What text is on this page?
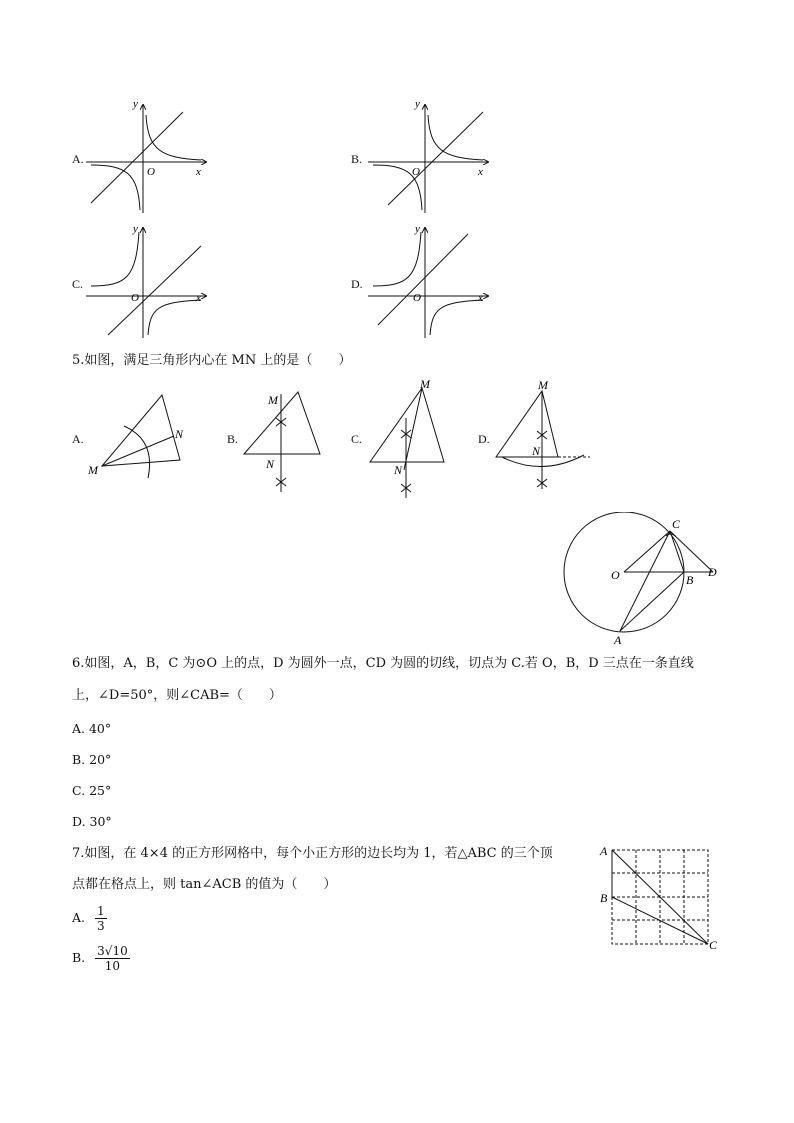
A.
y
x
O
B.
y
x
O
C.
y
x
O
D.
y
x
O
5.如图，满足三角形内心在 MN 上的是（　　）
A.
M
N	B.
M
N
C.
M
N
D.
M
N
C
O	B
D
A
6.如图，A，B，C 为⊙O 上的点，D 为圆外一点，CD 为圆的切线，切点为 C.若 O，B，D 三点在一条直线
上，∠D=50°，则∠CAB=（　　）
A. 40°
B. 20°
C. 25°
D. 30°
7.如图，在 4×4 的正方形网格中，每个小正方形的边长均为 1，若△ABC 的三个顶
点都在格点上，则 tan∠ACB 的值为（　　）
A
B
C
A. $\frac{1}{3}$
B. $\frac{3√10}{10}$
